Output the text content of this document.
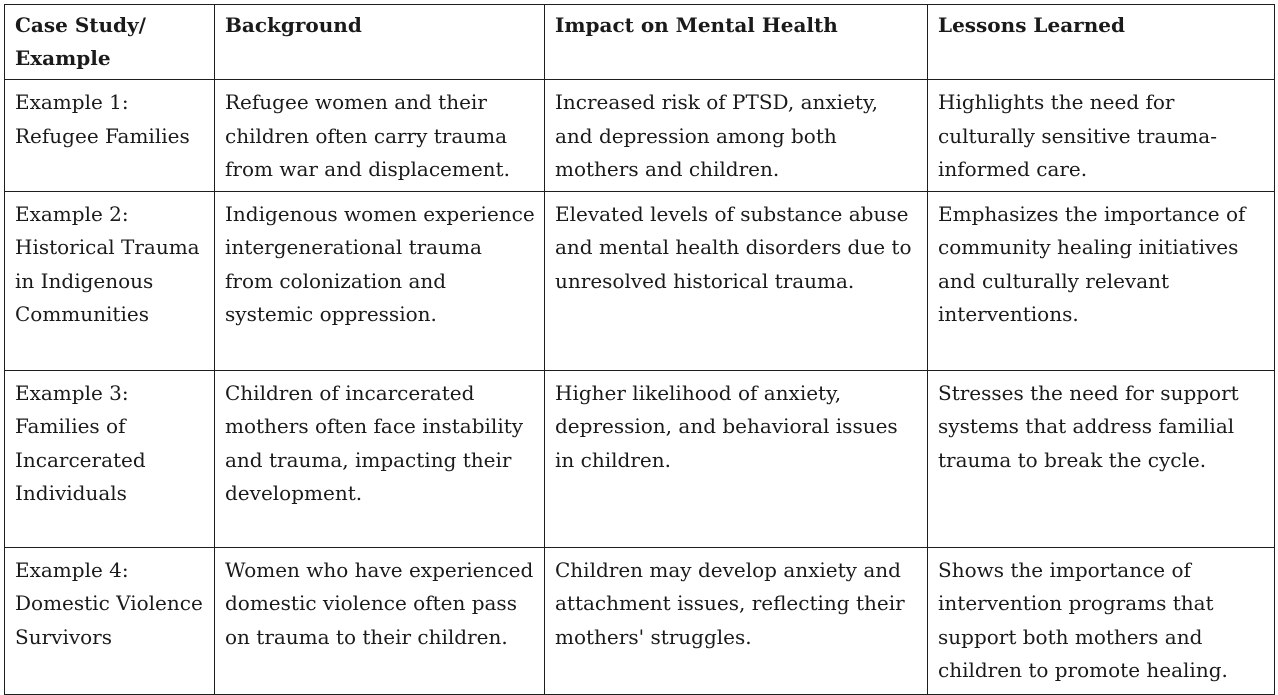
Case Study/ Example	Background	Impact on Mental Health	Lessons Learned
Example 1: Refugee Families	Refugee women and their children often carry trauma from war and displacement.	Increased risk of PTSD, anxiety, and depression among both mothers and children.	Highlights the need for culturally sensitive trauma-informed care.
Example 2: Historical Trauma in Indigenous Communities	Indigenous women experience intergenerational trauma from colonization and systemic oppression.	Elevated levels of substance abuse and mental health disorders due to unresolved historical trauma.	Emphasizes the importance of community healing initiatives and culturally relevant interventions.
Example 3: Families of Incarcerated Individuals	Children of incarcerated mothers often face instability and trauma, impacting their development.	Higher likelihood of anxiety, depression, and behavioral issues in children.	Stresses the need for support systems that address familial trauma to break the cycle.
Example 4: Domestic Violence Survivors	Women who have experienced domestic violence often pass on trauma to their children.	Children may develop anxiety and attachment issues, reflecting their mothers' struggles.	Shows the importance of intervention programs that support both mothers and children to promote healing.
